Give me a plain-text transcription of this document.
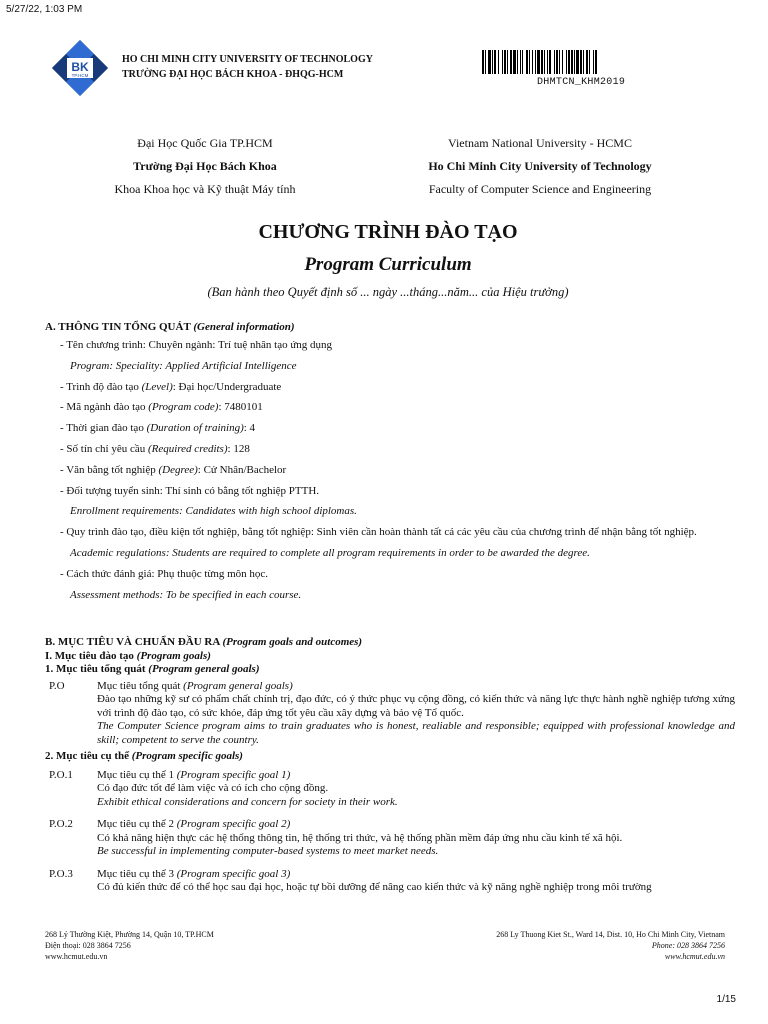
5/27/22, 1:03 PM
BK
TP.HCM
HO CHI MINH CITY UNIVERSITY OF TECHNOLOGY
TRƯỜNG ĐẠI HỌC BÁCH KHOA - ĐHQG-HCM
DHMTCN_KHM2019
Đại Học Quốc Gia TP.HCM
Trường Đại Học Bách Khoa
Khoa Khoa học và Kỹ thuật Máy tính
Vietnam National University - HCMC
Ho Chi Minh City University of Technology
Faculty of Computer Science and Engineering
CHƯƠNG TRÌNH ĐÀO TẠO
Program Curriculum
(Ban hành theo Quyết định số ... ngày ...tháng...năm... của Hiệu trưởng)
A. THÔNG TIN TỔNG QUÁT (General information)
- Tên chương trình: Chuyên ngành: Trí tuệ nhân tạo ứng dụng
Program: Speciality: Applied Artificial Intelligence
- Trình độ đào tạo (Level): Đại học/Undergraduate
- Mã ngành đào tạo (Program code): 7480101
- Thời gian đào tạo (Duration of training): 4
- Số tín chỉ yêu cầu (Required credits): 128
- Văn bằng tốt nghiệp (Degree): Cử Nhân/Bachelor
- Đối tượng tuyển sinh: Thí sinh có bằng tốt nghiệp PTTH.
Enrollment requirements: Candidates with high school diplomas.
- Quy trình đào tạo, điều kiện tốt nghiệp, bằng tốt nghiệp: Sinh viên cần hoàn thành tất cả các yêu cầu của chương trình để nhận bằng tốt nghiệp.
Academic regulations: Students are required to complete all program requirements in order to be awarded the degree.
- Cách thức đánh giá: Phụ thuộc từng môn học.
Assessment methods: To be specified in each course.
B. MỤC TIÊU VÀ CHUẨN ĐẦU RA (Program goals and outcomes)
I. Mục tiêu đào tạo (Program goals)
1. Mục tiêu tổng quát (Program general goals)
P.O	Mục tiêu tổng quát (Program general goals)
Đào tạo những kỹ sư có phẩm chất chính trị, đạo đức, có ý thức phục vụ cộng đồng, có kiến thức và năng lực thực hành nghề nghiệp tương xứng với trình độ đào tạo, có sức khỏe, đáp ứng tốt yêu cầu xây dựng và bảo vệ Tổ quốc.
The Computer Science program aims to train graduates who is honest, realiable and responsible; equipped with professional knowledge and skill; competent to serve the country.
2. Mục tiêu cụ thể (Program specific goals)
P.O.1	Mục tiêu cụ thể 1 (Program specific goal 1)
Có đạo đức tốt để làm việc và có ích cho cộng đồng.
Exhibit ethical considerations and concern for society in their work.
P.O.2	Mục tiêu cụ thể 2 (Program specific goal 2)
Có khả năng hiện thực các hệ thống thông tin, hệ thống tri thức, và hệ thống phần mềm đáp ứng nhu cầu kinh tế xã hội.
Be successful in implementing computer-based systems to meet market needs.
P.O.3	Mục tiêu cụ thể 3 (Program specific goal 3)
Có đủ kiến thức để có thể học sau đại học, hoặc tự bồi dưỡng để nâng cao kiến thức và kỹ năng nghề nghiệp trong môi trường
268 Lý Thường Kiệt, Phường 14, Quận 10, TP.HCM
Điện thoại: 028 3864 7256
www.hcmut.edu.vn
268 Ly Thuong Kiet St., Ward 14, Dist. 10, Ho Chi Minh City, Vietnam
Phone: 028 3864 7256
www.hcmut.edu.vn
1/15
